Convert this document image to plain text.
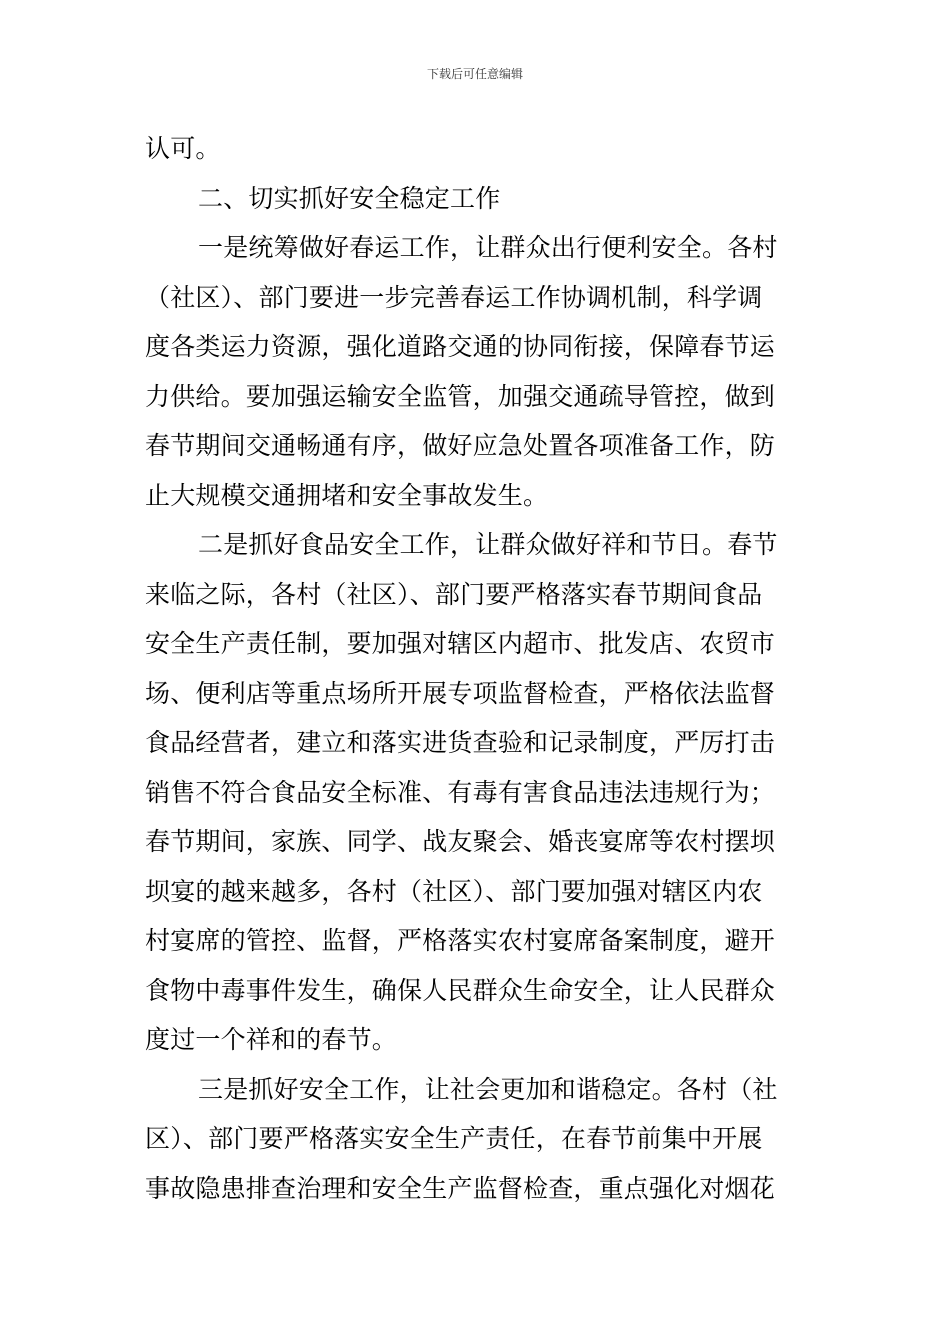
下载后可任意编辑
认可。
二、切实抓好安全稳定工作
一是统筹做好春运工作，让群众出行便利安全。各村
（社区）、部门要进一步完善春运工作协调机制，科学调
度各类运力资源，强化道路交通的协同衔接，保障春节运
力供给。要加强运输安全监管，加强交通疏导管控，做到
春节期间交通畅通有序，做好应急处置各项准备工作，防
止大规模交通拥堵和安全事故发生。
二是抓好食品安全工作，让群众做好祥和节日。春节
来临之际，各村（社区）、部门要严格落实春节期间食品
安全生产责任制，要加强对辖区内超市、批发店、农贸市
场、便利店等重点场所开展专项监督检查，严格依法监督
食品经营者，建立和落实进货查验和记录制度，严厉打击
销售不符合食品安全标准、有毒有害食品违法违规行为；
春节期间，家族、同学、战友聚会、婚丧宴席等农村摆坝
坝宴的越来越多，各村（社区）、部门要加强对辖区内农
村宴席的管控、监督，严格落实农村宴席备案制度，避开
食物中毒事件发生，确保人民群众生命安全，让人民群众
度过一个祥和的春节。
三是抓好安全工作，让社会更加和谐稳定。各村（社
区）、部门要严格落实安全生产责任，在春节前集中开展
事故隐患排查治理和安全生产监督检查，重点强化对烟花
